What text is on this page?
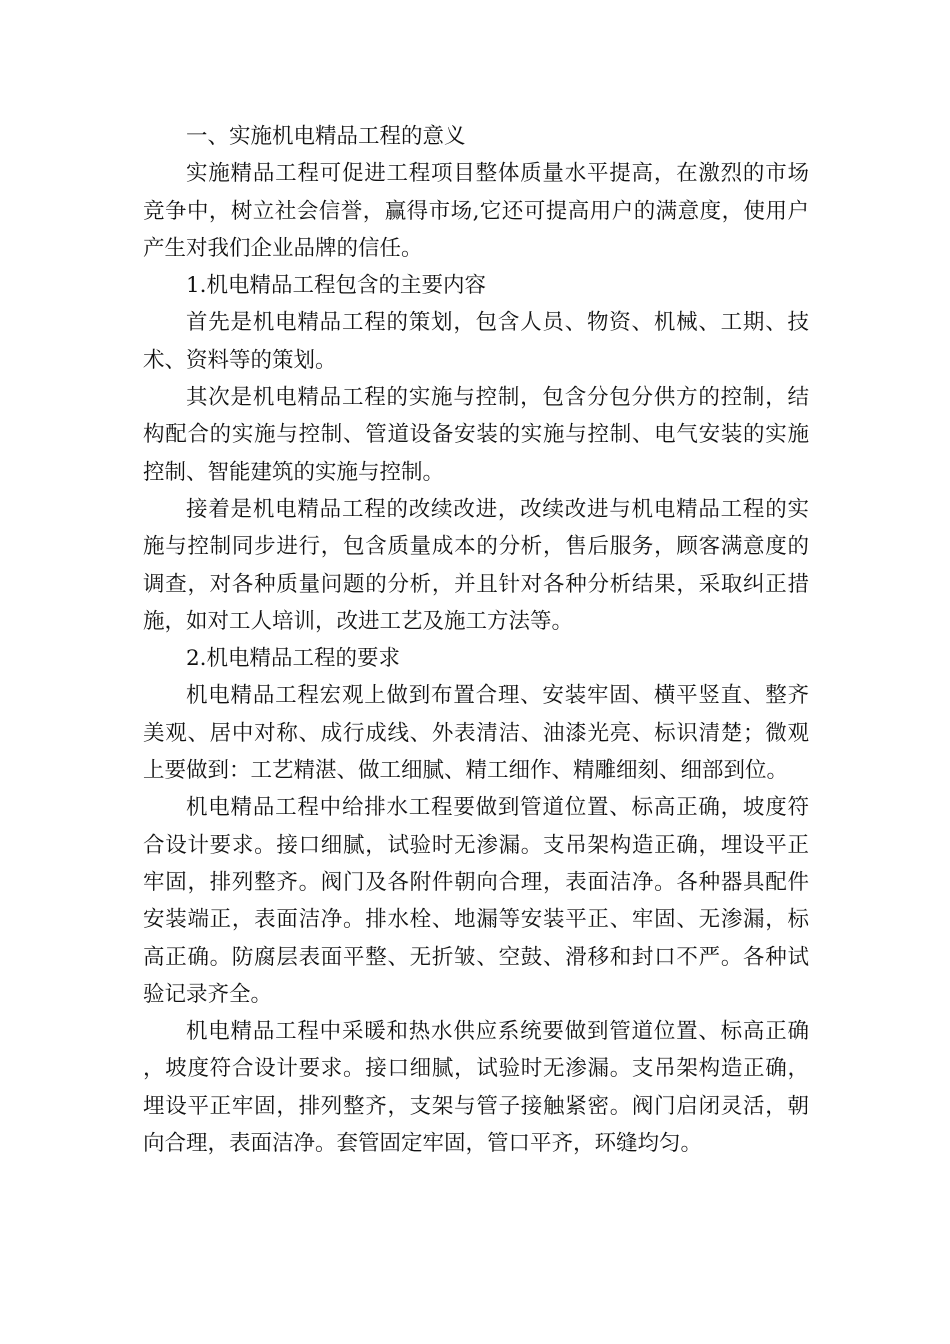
一、实施机电精品工程的意义

实施精品工程可促进工程项目整体质量水平提高，在激烈的市场竞争中，树立社会信誉，赢得市场,它还可提高用户的满意度，使用户产生对我们企业品牌的信任。

1.机电精品工程包含的主要内容

首先是机电精品工程的策划，包含人员、物资、机械、工期、技术、资料等的策划。

其次是机电精品工程的实施与控制，包含分包分供方的控制，结构配合的实施与控制、管道设备安装的实施与控制、电气安装的实施控制、智能建筑的实施与控制。

接着是机电精品工程的改续改进，改续改进与机电精品工程的实施与控制同步进行，包含质量成本的分析，售后服务，顾客满意度的调查，对各种质量问题的分析，并且针对各种分析结果，采取纠正措施，如对工人培训，改进工艺及施工方法等。

2.机电精品工程的要求

机电精品工程宏观上做到布置合理、安装牢固、横平竖直、整齐美观、居中对称、成行成线、外表清洁、油漆光亮、标识清楚；微观上要做到：工艺精湛、做工细腻、精工细作、精雕细刻、细部到位。

机电精品工程中给排水工程要做到管道位置、标高正确，坡度符合设计要求。接口细腻，试验时无渗漏。支吊架构造正确，埋设平正牢固，排列整齐。阀门及各附件朝向合理，表面洁净。各种器具配件安装端正，表面洁净。排水栓、地漏等安装平正、牢固、无渗漏，标高正确。防腐层表面平整、无折皱、空鼓、滑移和封口不严。各种试验记录齐全。

机电精品工程中采暖和热水供应系统要做到管道位置、标高正确，坡度符合设计要求。接口细腻，试验时无渗漏。支吊架构造正确，埋设平正牢固，排列整齐，支架与管子接触紧密。阀门启闭灵活，朝向合理，表面洁净。套管固定牢固，管口平齐，环缝均匀。
